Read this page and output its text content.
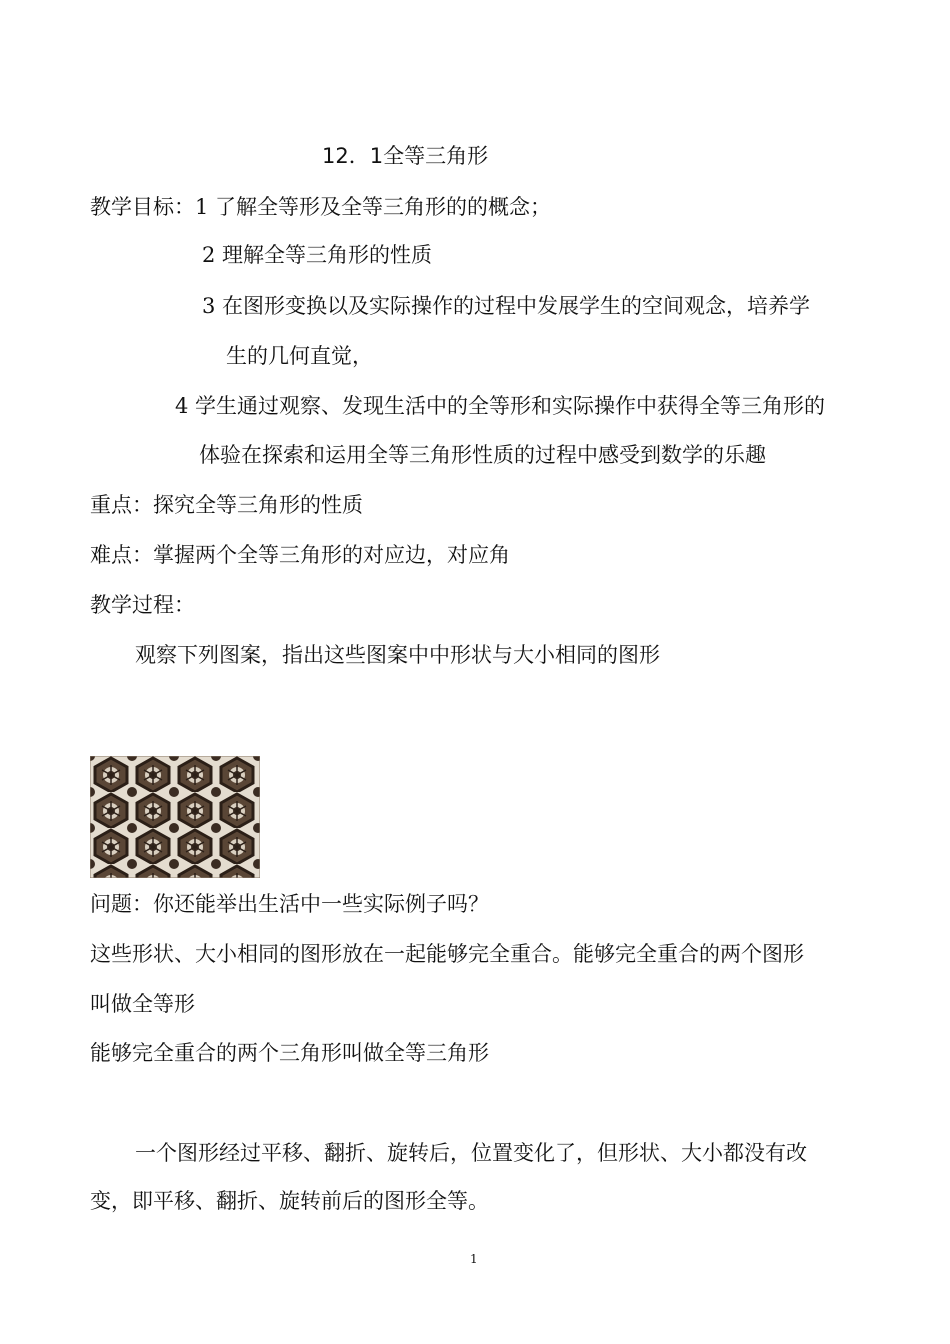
12．1全等三角形
教学目标：1 了解全等形及全等三角形的的概念；
2 理解全等三角形的性质
3 在图形变换以及实际操作的过程中发展学生的空间观念，培养学
生的几何直觉，
4 学生通过观察、发现生活中的全等形和实际操作中获得全等三角形的
体验在探索和运用全等三角形性质的过程中感受到数学的乐趣
重点：探究全等三角形的性质
难点：掌握两个全等三角形的对应边，对应角
教学过程：
观察下列图案，指出这些图案中中形状与大小相同的图形
问题：你还能举出生活中一些实际例子吗？
这些形状、大小相同的图形放在一起能够完全重合。能够完全重合的两个图形
叫做全等形
能够完全重合的两个三角形叫做全等三角形
一个图形经过平移、翻折、旋转后，位置变化了，但形状、大小都没有改
变，即平移、翻折、旋转前后的图形全等。
1
